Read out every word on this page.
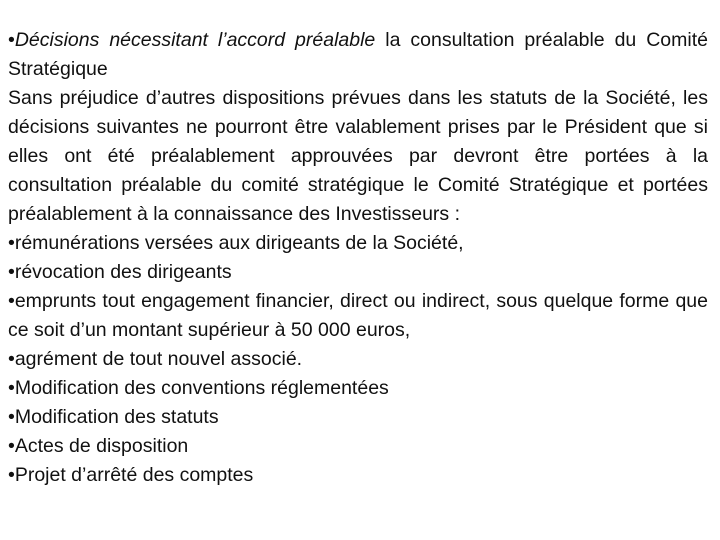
•Décisions nécessitant l’accord préalable la consultation préalable du Comité Stratégique

Sans préjudice d’autres dispositions prévues dans les statuts de la Société, les décisions suivantes ne pourront être valablement prises par le Président que si elles ont été préalablement approuvées par devront être portées à la consultation préalable du comité stratégique le Comité Stratégique et portées préalablement à la connaissance des Investisseurs :

•rémunérations versées aux dirigeants de la Société,

•révocation des dirigeants

•emprunts tout engagement financier, direct ou indirect, sous quelque forme que ce soit d’un montant supérieur à 50 000 euros,

•agrément de tout nouvel associé.

•Modification des conventions réglementées

•Modification des statuts

•Actes de disposition

•Projet d’arrêté des comptes
